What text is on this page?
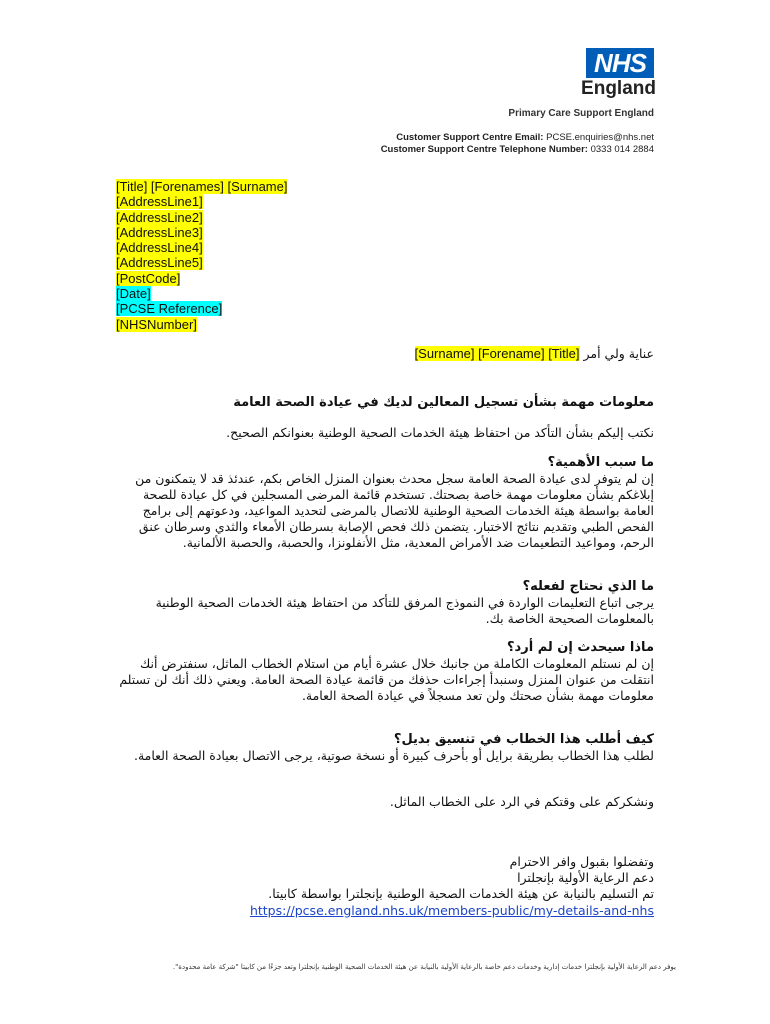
NHS
England
Primary Care Support England
Customer Support Centre Email: PCSE.enquiries@nhs.net
Customer Support Centre Telephone Number: 0333 014 2884
[Title] [Forenames] [Surname]
[AddressLine1]
[AddressLine2]
[AddressLine3]
[AddressLine4]
[AddressLine5]
[PostCode]
[Date]
[PCSE Reference]
[NHSNumber]
عناية ولي أمر [Surname] [Forename] [Title]
معلومات مهمة بشأن تسجيل المعالين لديك في عيادة الصحة العامة
نكتب إليكم بشأن التأكد من احتفاظ هيئة الخدمات الصحية الوطنية بعنوانكم الصحيح.
ما سبب الأهمية؟
إن لم يتوفر لدى عيادة الصحة العامة سجل محدث بعنوان المنزل الخاص بكم، عندئذ قد لا يتمكنون من إبلاغكم بشأن معلومات مهمة خاصة بصحتك. تستخدم قائمة المرضى المسجلين في كل عيادة للصحة العامة بواسطة هيئة الخدمات الصحية الوطنية للاتصال بالمرضى لتحديد المواعيد، ودعوتهم إلى برامج الفحص الطبي وتقديم نتائج الاختبار. يتضمن ذلك فحص الإصابة بسرطان الأمعاء والثدي وسرطان عنق الرحم، ومواعيد التطعيمات ضد الأمراض المعدية، مثل الأنفلونزا، والحصبة، والحصبة الألمانية.
ما الذي نحتاج لفعله؟
يرجى اتباع التعليمات الواردة في النموذج المرفق للتأكد من احتفاظ هيئة الخدمات الصحية الوطنية بالمعلومات الصحيحة الخاصة بك.
ماذا سيحدث إن لم أرد؟
إن لم نستلم المعلومات الكاملة من جانبك خلال عشرة أيام من استلام الخطاب الماثل، سنفترض أنك انتقلت من عنوان المنزل وسنبدأ إجراءات حذفك من قائمة عيادة الصحة العامة. ويعني ذلك أنك لن تستلم معلومات مهمة بشأن صحتك ولن تعد مسجلاً في عيادة الصحة العامة.
كيف أطلب هذا الخطاب في تنسيق بديل؟
لطلب هذا الخطاب بطريقة برايل أو بأحرف كبيرة أو نسخة صوتية، يرجى الاتصال بعيادة الصحة العامة.
ونشكركم على وقتكم في الرد على الخطاب الماثل.
وتفضلوا بقبول وافر الاحترام
دعم الرعاية الأولية بإنجلترا
تم التسليم بالنيابة عن هيئة الخدمات الصحية الوطنية بإنجلترا بواسطة كابيتا.
https://pcse.england.nhs.uk/members-public/my-details-and-nhs
يوفر دعم الرعاية الأولية بإنجلترا خدمات إدارية وخدمات دعم خاصة بالرعاية الأولية بالنيابة عن هيئة الخدمات الصحية الوطنية بإنجلترا وتعد جزءًا من كابيتا "شركة عامة محدودة".
